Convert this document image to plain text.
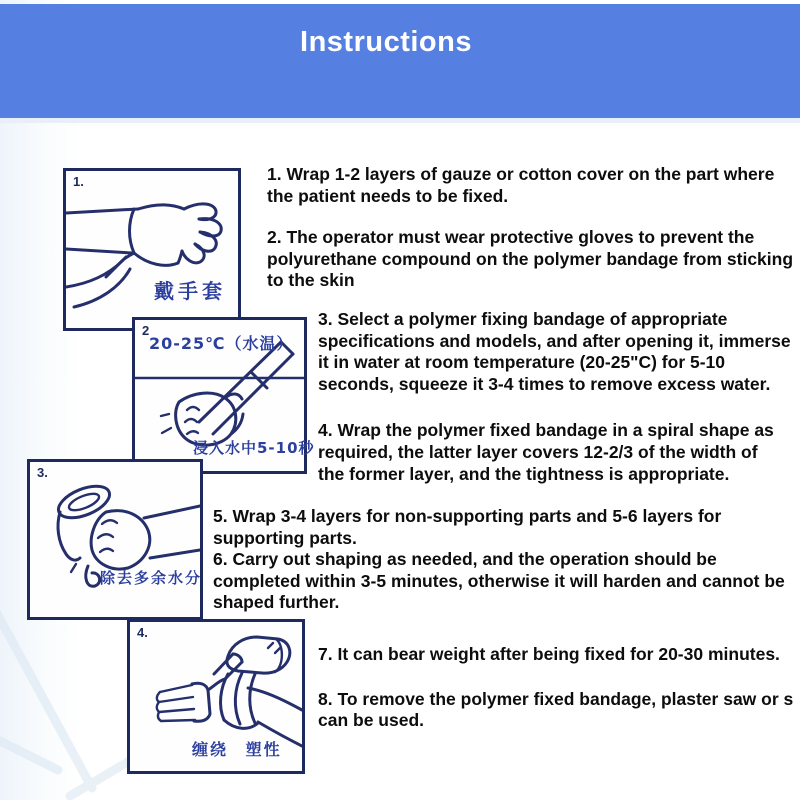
Instructions
1.
戴手套
2
20-25℃（水温）
浸入水中5-10秒
3.
除去多余水分
4.
缠绕 塑性

1. Wrap 1-2 layers of gauze or cotton cover on the part where
the patient needs to be fixed.

2. The operator must wear protective gloves to prevent the
polyurethane compound on the polymer bandage from sticking
to the skin

3. Select a polymer fixing bandage of appropriate
specifications and models, and after opening it, immerse
it in water at room temperature (20-25"C) for 5-10
seconds, squeeze it 3-4 times to remove excess water.

4. Wrap the polymer fixed bandage in a spiral shape as
required, the latter layer covers 12-2/3 of the width of
the former layer, and the tightness is appropriate.

5. Wrap 3-4 layers for non-supporting parts and 5-6 layers for
supporting parts.

6. Carry out shaping as needed, and the operation should be
completed within 3-5 minutes, otherwise it will harden and cannot be
shaped further.

7. It can bear weight after being fixed for 20-30 minutes.

8. To remove the polymer fixed bandage, plaster saw or s
can be used.
